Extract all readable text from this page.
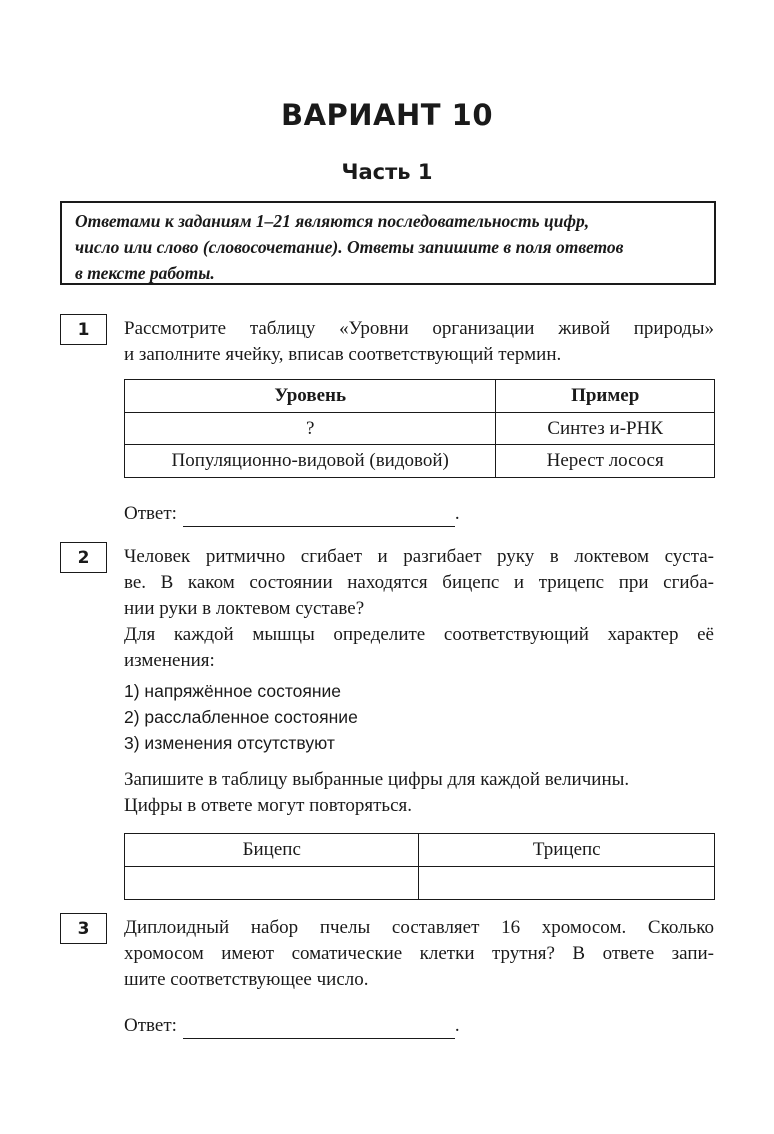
ВАРИАНТ 10
Часть 1
Ответами к заданиям 1–21 являются последовательность цифр,
число или слово (словосочетание). Ответы запишите в поля ответов
в тексте работы.
1	Рассмотрите таблицу «Уровни организации живой природы»
и заполните ячейку, вписав соответствующий термин.
Уровень	Пример
?	Синтез и-РНК
Популяционно-видовой (видовой)	Нерест лосося
Ответ:	.
2	Человек ритмично сгибает и разгибает руку в локтевом суста-
ве. В каком состоянии находятся бицепс и трицепс при сгиба-
нии руки в локтевом суставе?
Для каждой мышцы определите соответствующий характер её
изменения:
1) напряжённое состояние
2) расслабленное состояние
3) изменения отсутствуют
Запишите в таблицу выбранные цифры для каждой величины.
Цифры в ответе могут повторяться.
Бицепс	Трицепс

3	Диплоидный набор пчелы составляет 16 хромосом. Сколько
хромосом имеют соматические клетки трутня? В ответе запи-
шите соответствующее число.
Ответ:	.
